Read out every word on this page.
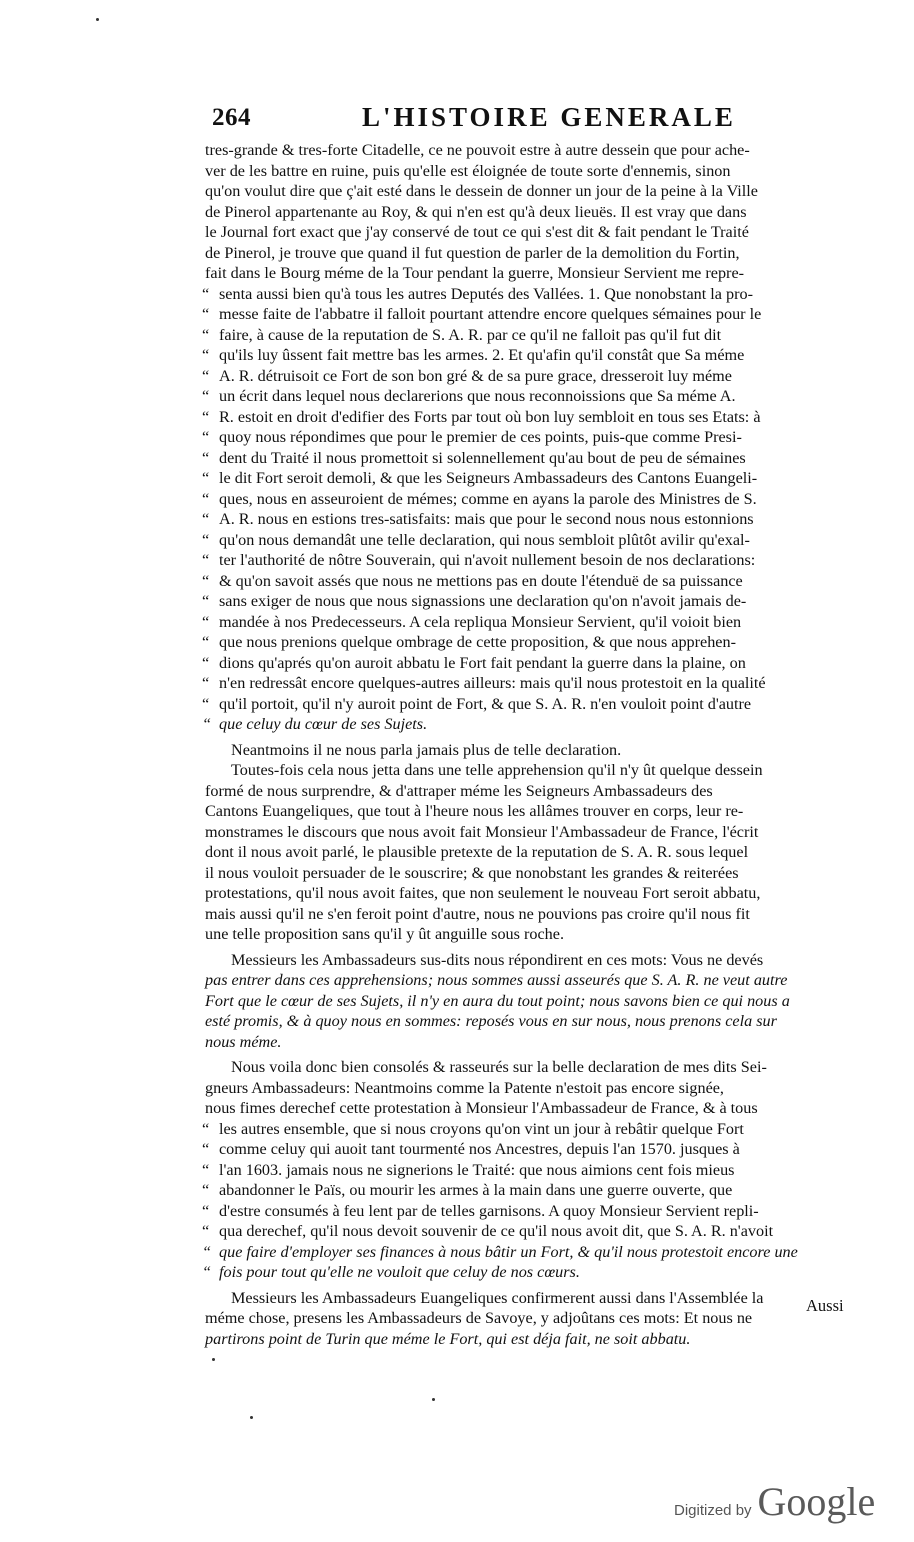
264	L'HISTOIRE GENERALE
tres-grande & tres-forte Citadelle, ce ne pouvoit estre à autre dessein que pour ache-
ver de les battre en ruine, puis qu'elle est éloignée de toute sorte d'ennemis, sinon
qu'on voulut dire que ç'ait esté dans le dessein de donner un jour de la peine à la Ville
de Pinerol appartenante au Roy, & qui n'en est qu'à deux lieuës. Il est vray que dans
le Journal fort exact que j'ay conservé de tout ce qui s'est dit & fait pendant le Traité
de Pinerol, je trouve que quand il fut question de parler de la demolition du Fortin,
fait dans le Bourg méme de la Tour pendant la guerre, Monsieur Servient me repre-
“ senta aussi bien qu'à tous les autres Deputés des Vallées. 1. Que nonobstant la pro-
“ messe faite de l'abbatre il falloit pourtant attendre encore quelques sémaines pour le
“ faire, à cause de la reputation de S. A. R. par ce qu'il ne falloit pas qu'il fut dit
“ qu'ils luy ûssent fait mettre bas les armes. 2. Et qu'afin qu'il constât que Sa méme
“ A. R. détruisoit ce Fort de son bon gré & de sa pure grace, dresseroit luy méme
“ un écrit dans lequel nous declarerions que nous reconnoissions que Sa méme A.
“ R. estoit en droit d'edifier des Forts par tout où bon luy sembloit en tous ses Etats: à
“ quoy nous répondimes que pour le premier de ces points, puis-que comme Presi-
“ dent du Traité il nous promettoit si solennellement qu'au bout de peu de sémaines
“ le dit Fort seroit demoli, & que les Seigneurs Ambassadeurs des Cantons Euangeli-
“ ques, nous en asseuroient de mémes; comme en ayans la parole des Ministres de S.
“ A. R. nous en estions tres-satisfaits: mais que pour le second nous nous estonnions
“ qu'on nous demandât une telle declaration, qui nous sembloit plûtôt avilir qu'exal-
“ ter l'authorité de nôtre Souverain, qui n'avoit nullement besoin de nos declarations:
“ & qu'on savoit assés que nous ne mettions pas en doute l'étenduë de sa puissance
“ sans exiger de nous que nous signassions une declaration qu'on n'avoit jamais de-
“ mandée à nos Predecesseurs. A cela repliqua Monsieur Servient, qu'il voioit bien
“ que nous prenions quelque ombrage de cette proposition, & que nous apprehen-
“ dions qu'aprés qu'on auroit abbatu le Fort fait pendant la guerre dans la plaine, on
“ n'en redressât encore quelques-autres ailleurs: mais qu'il nous protestoit en la qualité
“ qu'il portoit, qu'il n'y auroit point de Fort, & que S. A. R. n'en vouloit point d'autre
“ que celuy du cœur de ses Sujets.
Neantmoins il ne nous parla jamais plus de telle declaration.
Toutes-fois cela nous jetta dans une telle apprehension qu'il n'y ût quelque dessein
formé de nous surprendre, & d'attraper méme les Seigneurs Ambassadeurs des
Cantons Euangeliques, que tout à l'heure nous les allâmes trouver en corps, leur re-
monstrames le discours que nous avoit fait Monsieur l'Ambassadeur de France, l'écrit
dont il nous avoit parlé, le plausible pretexte de la reputation de S. A. R. sous lequel
il nous vouloit persuader de le souscrire; & que nonobstant les grandes & reiterées
protestations, qu'il nous avoit faites, que non seulement le nouveau Fort seroit abbatu,
mais aussi qu'il ne s'en feroit point d'autre, nous ne pouvions pas croire qu'il nous fit
une telle proposition sans qu'il y ût anguille sous roche.
Messieurs les Ambassadeurs sus-dits nous répondirent en ces mots: Vous ne devés
pas entrer dans ces apprehensions; nous sommes aussi asseurés que S. A. R. ne veut autre
Fort que le cœur de ses Sujets, il n'y en aura du tout point; nous savons bien ce qui nous a
esté promis, & à quoy nous en sommes: reposés vous en sur nous, nous prenons cela sur
nous méme.
Nous voila donc bien consolés & rasseurés sur la belle declaration de mes dits Sei-
gneurs Ambassadeurs: Neantmoins comme la Patente n'estoit pas encore signée,
nous fimes derechef cette protestation à Monsieur l'Ambassadeur de France, & à tous
“ les autres ensemble, que si nous croyons qu'on vint un jour à rebâtir quelque Fort
“ comme celuy qui auoit tant tourmenté nos Ancestres, depuis l'an 1570. jusques à
“ l'an 1603. jamais nous ne signerions le Traité: que nous aimions cent fois mieus
“ abandonner le Païs, ou mourir les armes à la main dans une guerre ouverte, que
“ d'estre consumés à feu lent par de telles garnisons. A quoy Monsieur Servient repli-
“ qua derechef, qu'il nous devoit souvenir de ce qu'il nous avoit dit, que S. A. R. n'avoit
“ que faire d'employer ses finances à nous bâtir un Fort, & qu'il nous protestoit encore une
“ fois pour tout qu'elle ne vouloit que celuy de nos cœurs.
Messieurs les Ambassadeurs Euangeliques confirmerent aussi dans l'Assemblée la
méme chose, presens les Ambassadeurs de Savoye, y adjoûtans ces mots: Et nous ne
partirons point de Turin que méme le Fort, qui est déja fait, ne soit abbatu.
Aussi
Digitized by Google
